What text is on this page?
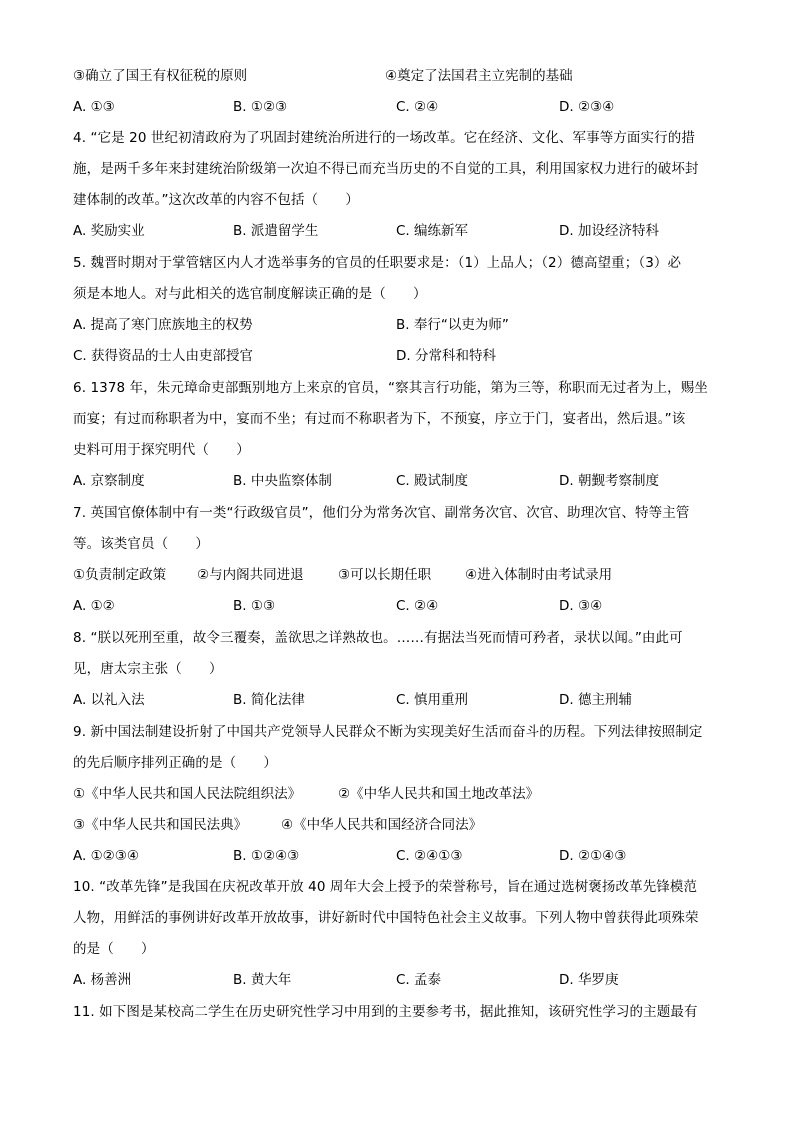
③确立了国王有权征税的原则	④奠定了法国君主立宪制的基础
A. ①③	B. ①②③	C. ②④	D. ②③④
4. “它是 20 世纪初清政府为了巩固封建统治所进行的一场改革。它在经济、文化、军事等方面实行的措
施，是两千多年来封建统治阶级第一次迫不得已而充当历史的不自觉的工具，利用国家权力进行的破坏封
建体制的改革。”这次改革的内容不包括（　　）
A. 奖励实业	B. 派遣留学生	C. 编练新军	D. 加设经济特科
5. 魏晋时期对于掌管辖区内人才选举事务的官员的任职要求是：（1）上品人；（2）德高望重；（3）必
须是本地人。对与此相关的选官制度解读正确的是（　　）
A. 提高了寒门庶族地主的权势	B. 奉行“以吏为师”
C. 获得资品的士人由吏部授官	D. 分常科和特科
6. 1378 年，朱元璋命吏部甄别地方上来京的官员，“察其言行功能，第为三等，称职而无过者为上，赐坐
而宴；有过而称职者为中，宴而不坐；有过而不称职者为下，不预宴，序立于门，宴者出，然后退。”该
史料可用于探究明代（　　）
A. 京察制度	B. 中央监察体制	C. 殿试制度	D. 朝觐考察制度
7. 英国官僚体制中有一类“行政级官员”，他们分为常务次官、副常务次官、次官、助理次官、特等主管
等。该类官员（　　）
①负责制定政策 ②与内阁共同进退	③可以长期任职	④进入体制时由考试录用
A. ①②	B. ①③	C. ②④	D. ③④
8. “朕以死刑至重，故令三覆奏，盖欲思之详熟故也。……有据法当死而情可矜者，录状以闻。”由此可
见，唐太宗主张（　　）
A. 以礼入法	B. 简化法律	C. 慎用重刑	D. 德主刑辅
9. 新中国法制建设折射了中国共产党领导人民群众不断为实现美好生活而奋斗的历程。下列法律按照制定
的先后顺序排列正确的是（　　）
①《中华人民共和国人民法院组织法》	②《中华人民共和国土地改革法》
③《中华人民共和国民法典》	④《中华人民共和国经济合同法》
A. ①②③④	B. ①②④③	C. ②④①③	D. ②①④③
10. “改革先锋”是我国在庆祝改革开放 40 周年大会上授予的荣誉称号，旨在通过选树褒扬改革先锋模范
人物，用鲜活的事例讲好改革开放故事，讲好新时代中国特色社会主义故事。下列人物中曾获得此项殊荣
的是（　　）
A. 杨善洲	B. 黄大年	C. 孟泰	D. 华罗庚
11. 如下图是某校高二学生在历史研究性学习中用到的主要参考书，据此推知，该研究性学习的主题最有
